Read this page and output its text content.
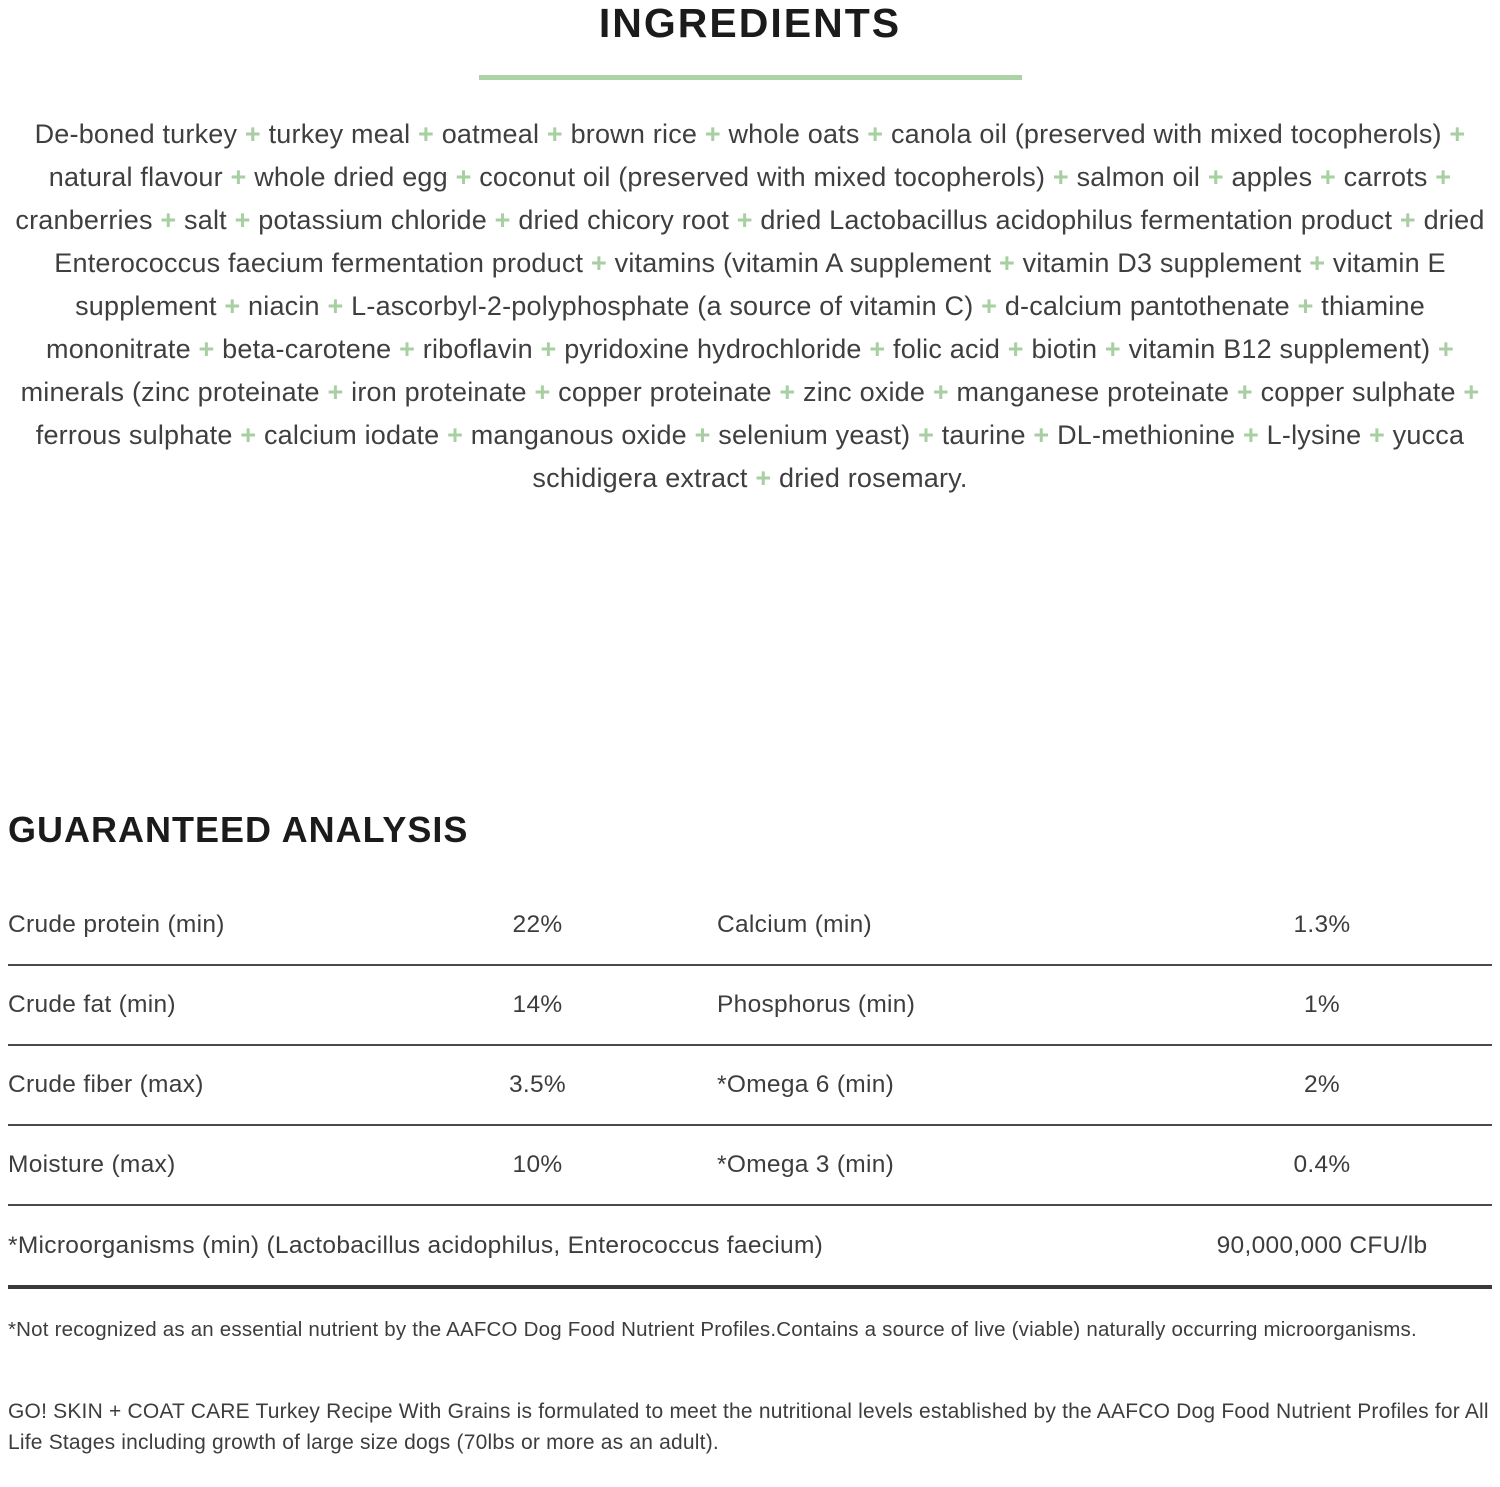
INGREDIENTS

De-boned turkey + turkey meal + oatmeal + brown rice + whole oats + canola oil (preserved with mixed tocopherols) + natural flavour + whole dried egg + coconut oil (preserved with mixed tocopherols) + salmon oil + apples + carrots + cranberries + salt + potassium chloride + dried chicory root + dried Lactobacillus acidophilus fermentation product + dried Enterococcus faecium fermentation product + vitamins (vitamin A supplement + vitamin D3 supplement + vitamin E supplement + niacin + L-ascorbyl-2-polyphosphate (a source of vitamin C) + d-calcium pantothenate + thiamine mononitrate + beta-carotene + riboflavin + pyridoxine hydrochloride + folic acid + biotin + vitamin B12 supplement) + minerals (zinc proteinate + iron proteinate + copper proteinate + zinc oxide + manganese proteinate + copper sulphate + ferrous sulphate + calcium iodate + manganous oxide + selenium yeast) + taurine + DL-methionine + L-lysine + yucca schidigera extract + dried rosemary.

GUARANTEED ANALYSIS
Crude protein (min)	22%	Calcium (min)	1.3%
Crude fat (min)	14%	Phosphorus (min)	1%
Crude fiber (max)	3.5%	*Omega 6 (min)	2%
Moisture (max)	10%	*Omega 3 (min)	0.4%
*Microorganisms (min) (Lactobacillus acidophilus, Enterococcus faecium)	90,000,000 CFU/lb

*Not recognized as an essential nutrient by the AAFCO Dog Food Nutrient Profiles.Contains a source of live (viable) naturally occurring microorganisms.

GO! SKIN + COAT CARE Turkey Recipe With Grains is formulated to meet the nutritional levels established by the AAFCO Dog Food Nutrient Profiles for All Life Stages including growth of large size dogs (70lbs or more as an adult).
